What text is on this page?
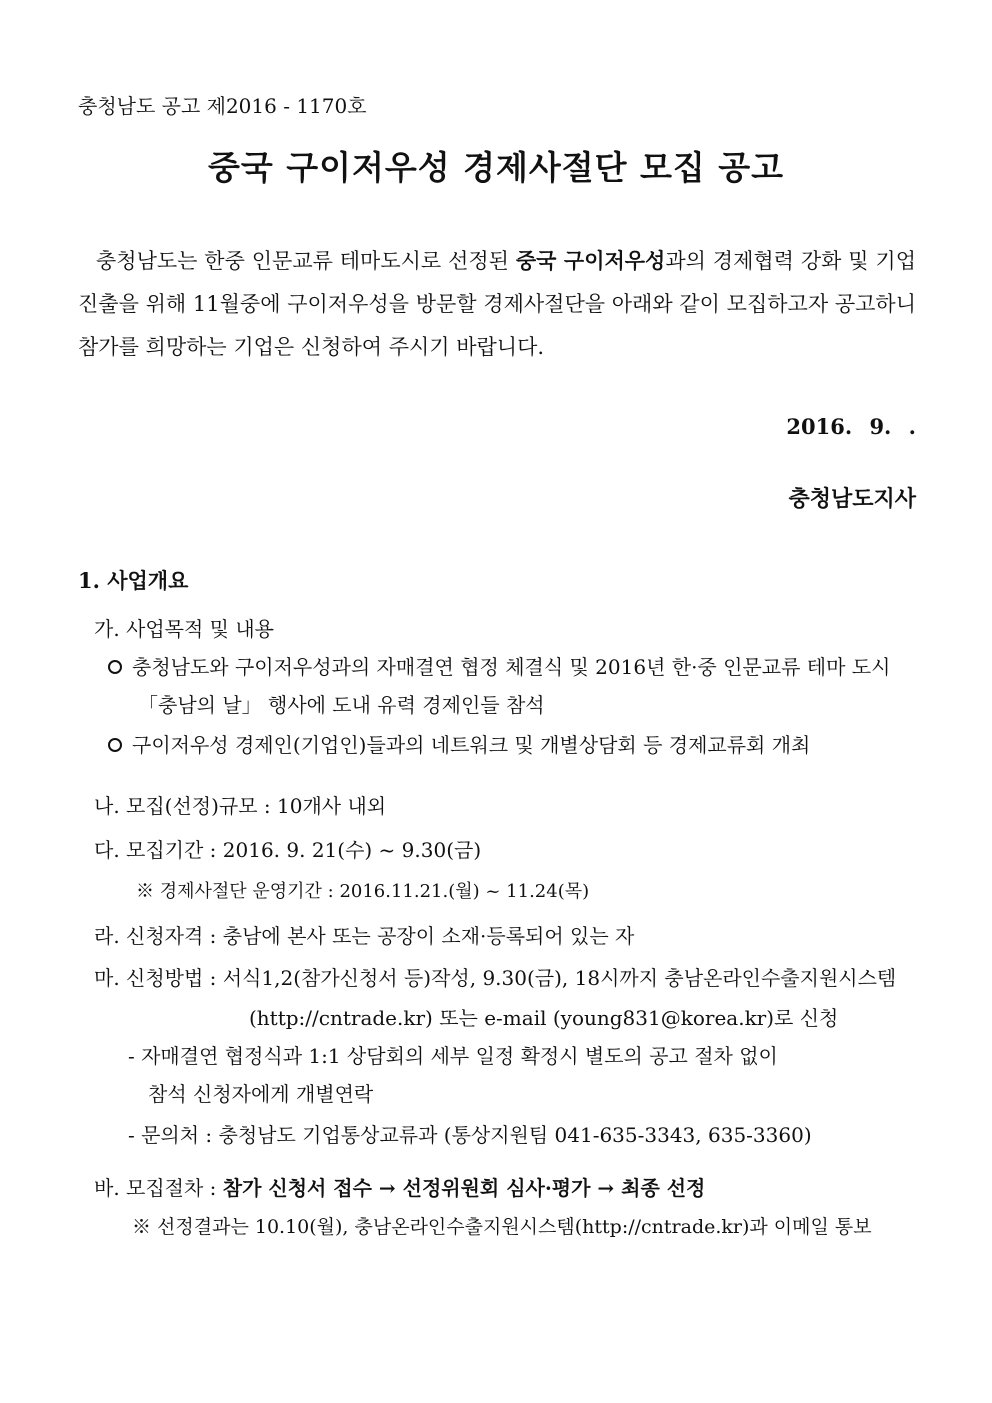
충청남도 공고 제2016 - 1170호
중국 구이저우성 경제사절단 모집 공고
충청남도는 한중 인문교류 테마도시로 선정된 중국 구이저우성과의 경제협력 강화 및 기업 진출을 위해 11월중에 구이저우성을 방문할 경제사절단을 아래와 같이 모집하고자 공고하니 참가를 희망하는 기업은 신청하여 주시기 바랍니다.
2016. 9. .
충청남도지사
1. 사업개요
가. 사업목적 및 내용
충청남도와 구이저우성과의 자매결연 협정 체결식 및 2016년 한·중 인문교류 테마 도시
「충남의 날」 행사에 도내 유력 경제인들 참석
구이저우성 경제인(기업인)들과의 네트워크 및 개별상담회 등 경제교류회 개최
나. 모집(선정)규모 : 10개사 내외
다. 모집기간 : 2016. 9. 21(수) ~ 9.30(금)
※ 경제사절단 운영기간 : 2016.11.21.(월) ~ 11.24(목)
라. 신청자격 : 충남에 본사 또는 공장이 소재·등록되어 있는 자
마. 신청방법 : 서식1,2(참가신청서 등)작성, 9.30(금), 18시까지 충남온라인수출지원시스템
(http://cntrade.kr) 또는 e-mail (young831@korea.kr)로 신청
- 자매결연 협정식과 1:1 상담회의 세부 일정 확정시 별도의 공고 절차 없이
참석 신청자에게 개별연락
- 문의처 : 충청남도 기업통상교류과 (통상지원팀 041-635-3343, 635-3360)
바. 모집절차 : 참가 신청서 접수 → 선정위원회 심사·평가 → 최종 선정
※ 선정결과는 10.10(월), 충남온라인수출지원시스템(http://cntrade.kr)과 이메일 통보
